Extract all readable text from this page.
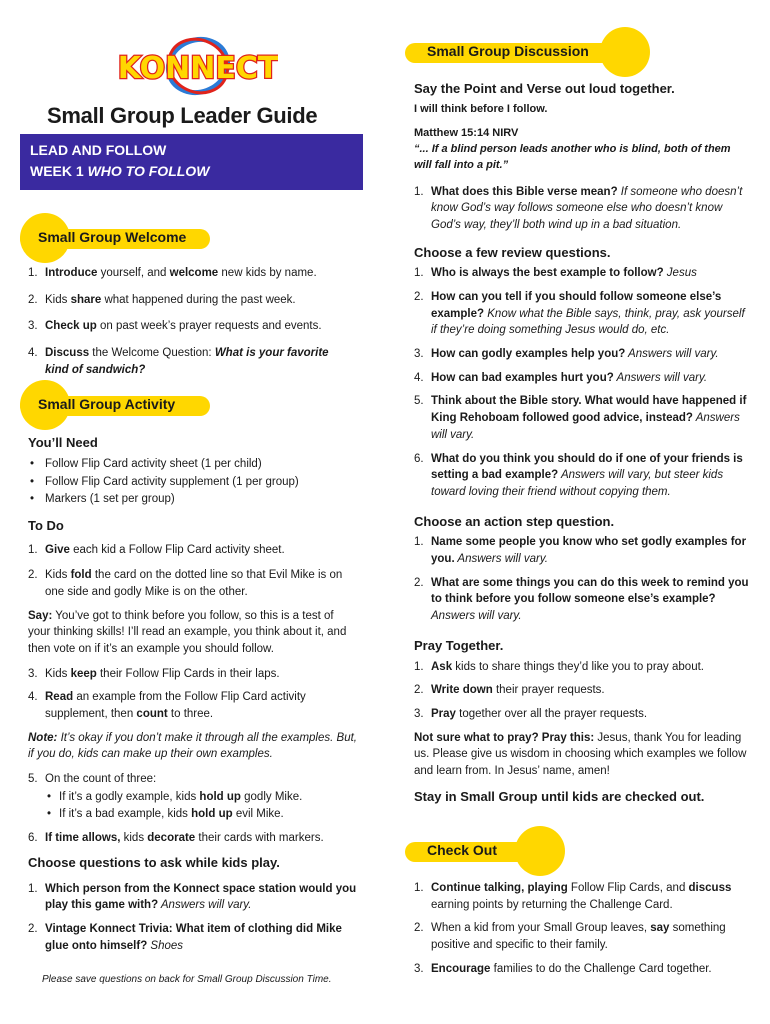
KONNECT
Small Group Leader Guide
LEAD AND FOLLOW
WEEK 1 WHO TO FOLLOW
Small Group Welcome
1. Introduce yourself, and welcome new kids by name.
2. Kids share what happened during the past week.
3. Check up on past week’s prayer requests and events.
4. Discuss the Welcome Question: What is your favorite
kind of sandwich?
Small Group Activity
You’ll Need
• Follow Flip Card activity sheet (1 per child)
• Follow Flip Card activity supplement (1 per group)
• Markers (1 set per group)
To Do
1. Give each kid a Follow Flip Card activity sheet.
2. Kids fold the card on the dotted line so that Evil Mike is on one side and godly Mike is on the other.
Say: You’ve got to think before you follow, so this is a test of your thinking skills! I’ll read an example, you think about it, and then vote on if it’s an example you should follow.
3. Kids keep their Follow Flip Cards in their laps.
4. Read an example from the Follow Flip Card activity supplement, then count to three.
Note: It’s okay if you don’t make it through all the examples. But, if you do, kids can make up their own examples.
5. On the count of three:
• If it’s a godly example, kids hold up godly Mike.
• If it’s a bad example, kids hold up evil Mike.
6. If time allows, kids decorate their cards with markers.
Choose questions to ask while kids play.
1. Which person from the Konnect space station would you play this game with? Answers will vary.
2. Vintage Konnect Trivia: What item of clothing did Mike glue onto himself? Shoes
Please save questions on back for Small Group Discussion Time.
Small Group Discussion
Say the Point and Verse out loud together.
I will think before I follow.
Matthew 15:14 NIRV
“... If a blind person leads another who is blind, both of them will fall into a pit.”
1. What does this Bible verse mean? If someone who doesn’t know God’s way follows someone else who doesn’t know God’s way, they’ll both wind up in a bad situation.
Choose a few review questions.
1. Who is always the best example to follow? Jesus
2. How can you tell if you should follow someone else’s example? Know what the Bible says, think, pray, ask yourself if they’re doing something Jesus would do, etc.
3. How can godly examples help you? Answers will vary.
4. How can bad examples hurt you? Answers will vary.
5. Think about the Bible story. What would have happened if King Rehoboam followed good advice, instead? Answers will vary.
6. What do you think you should do if one of your friends is setting a bad example? Answers will vary, but steer kids toward loving their friend without copying them.
Choose an action step question.
1. Name some people you know who set godly examples for you. Answers will vary.
2. What are some things you can do this week to remind you to think before you follow someone else’s example? Answers will vary.
Pray Together.
1. Ask kids to share things they’d like you to pray about.
2. Write down their prayer requests.
3. Pray together over all the prayer requests.
Not sure what to pray? Pray this: Jesus, thank You for leading us. Please give us wisdom in choosing which examples we follow and learn from. In Jesus’ name, amen!
Stay in Small Group until kids are checked out.
Check Out
1. Continue talking, playing Follow Flip Cards, and discuss earning points by returning the Challenge Card.
2. When a kid from your Small Group leaves, say something positive and specific to their family.
3. Encourage families to do the Challenge Card together.
